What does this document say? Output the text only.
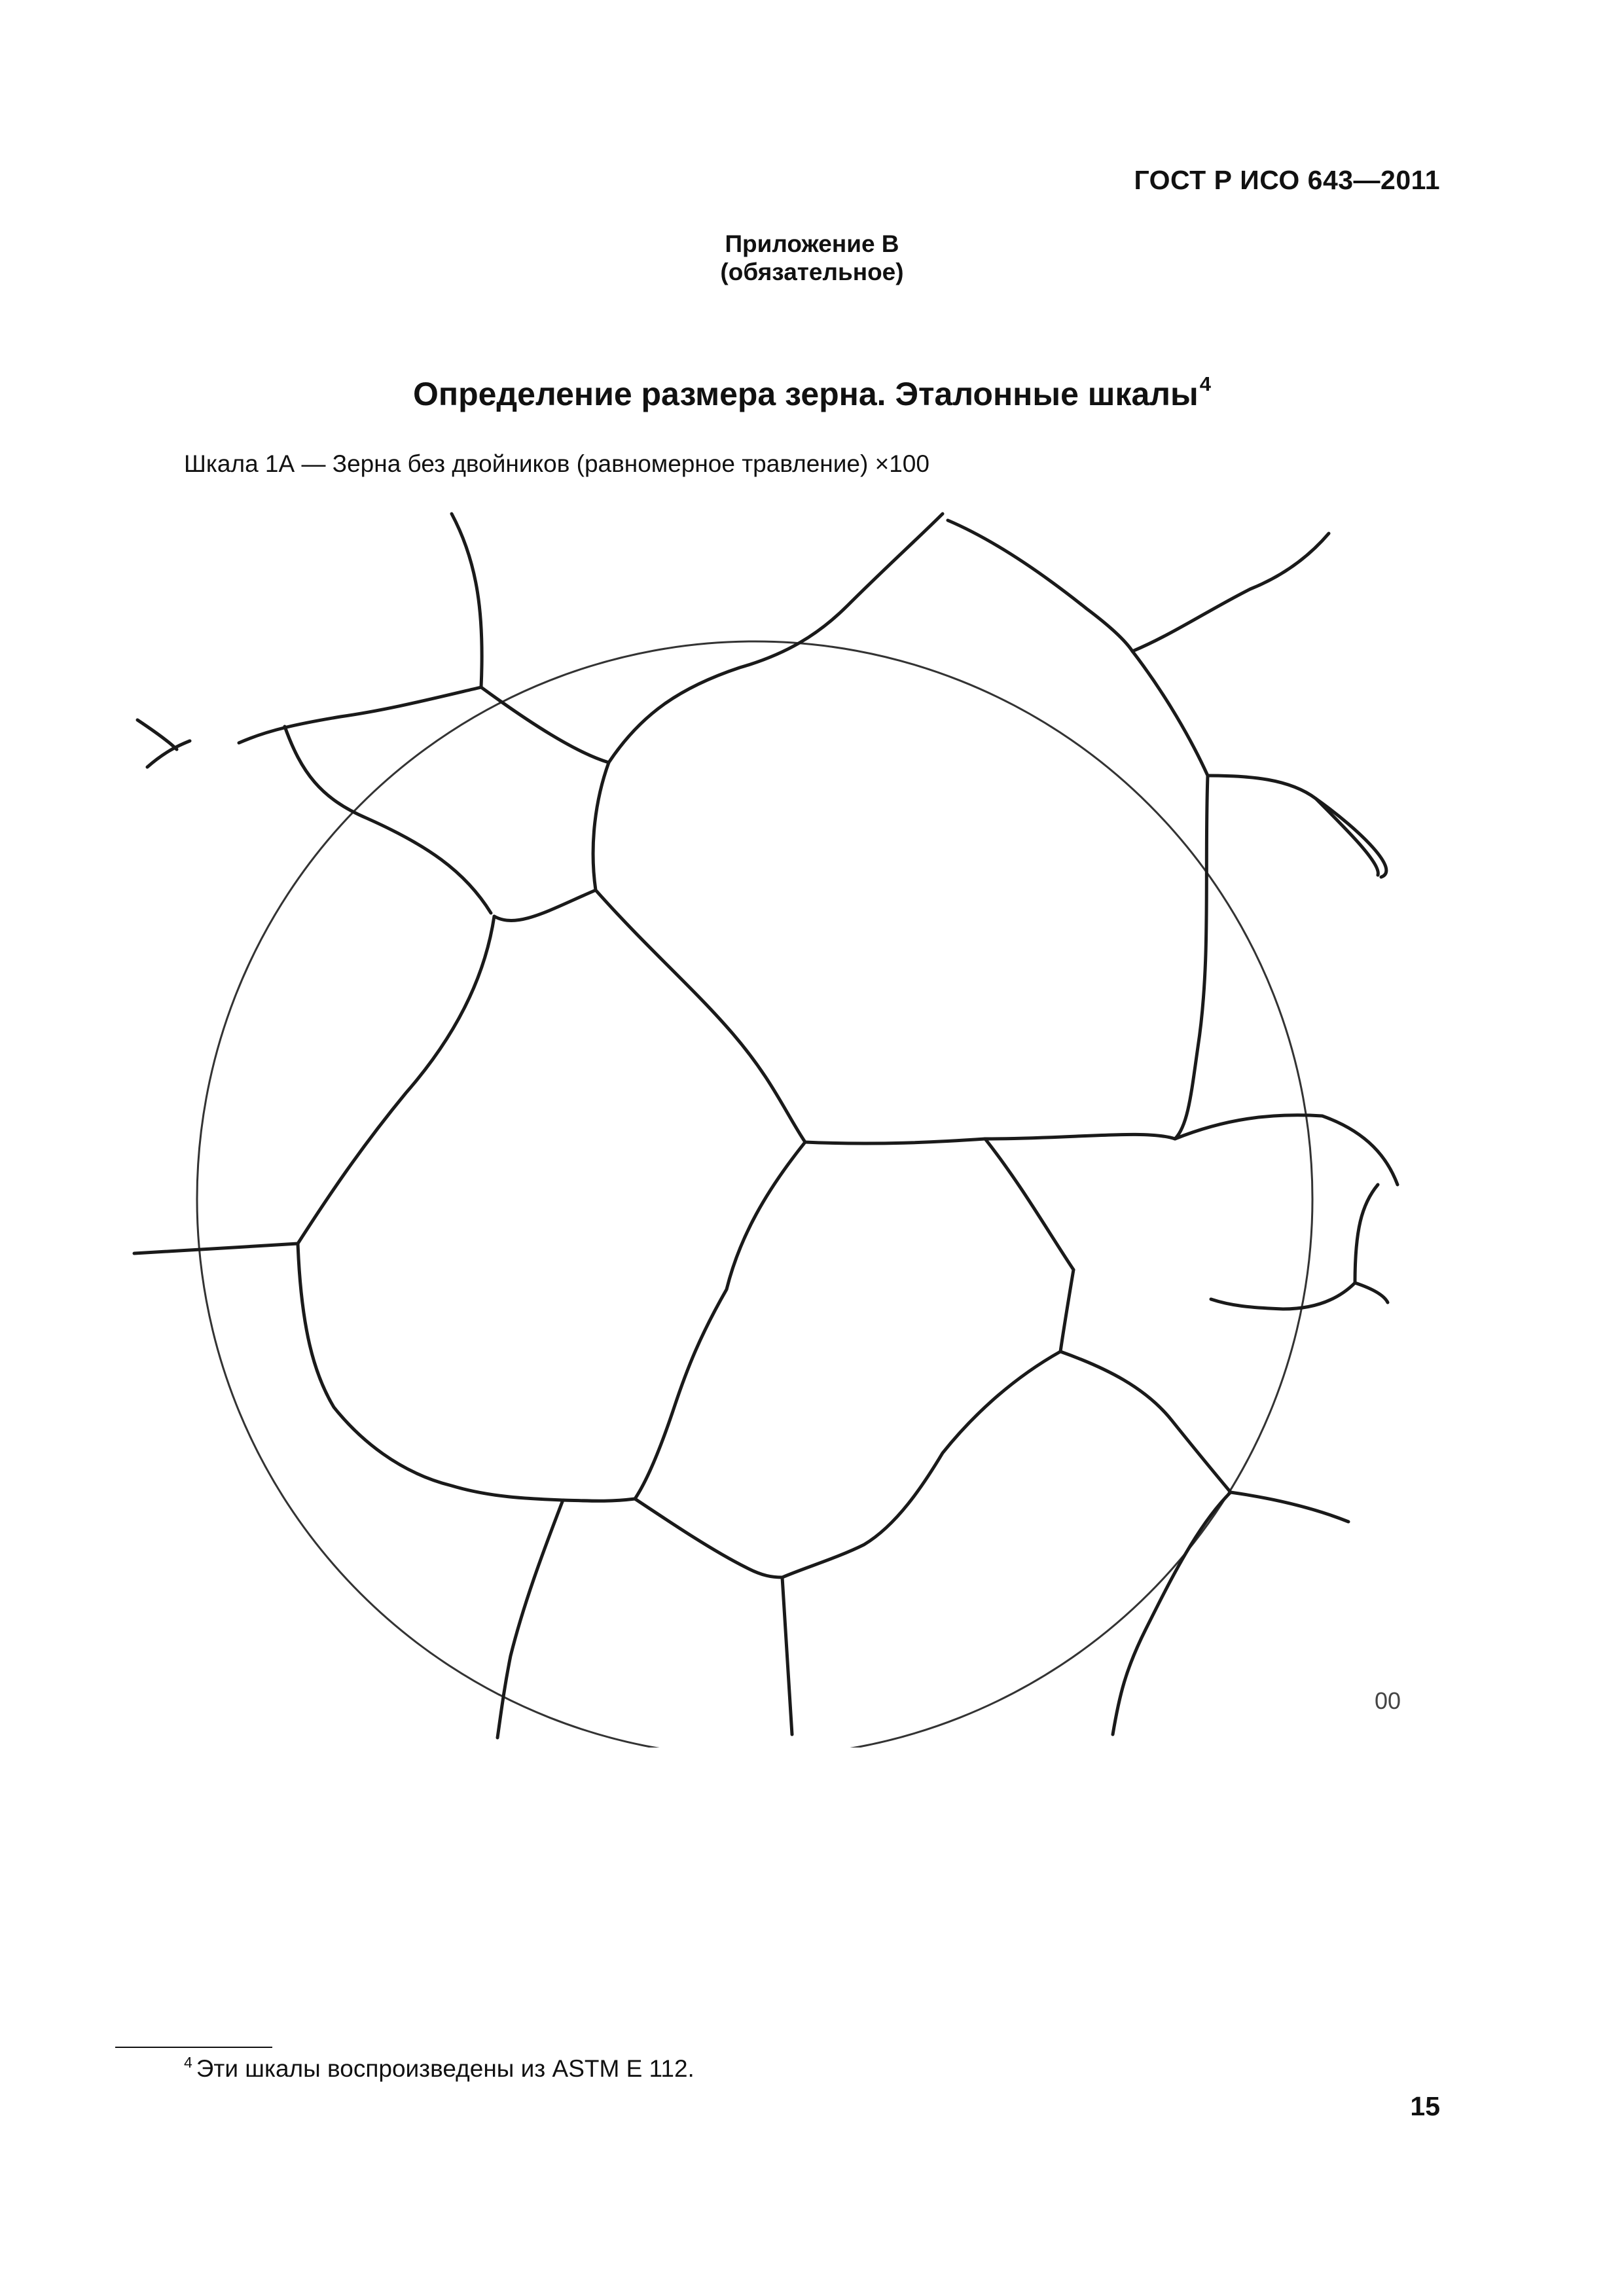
ГОСТ Р ИСО 643—2011
Приложение В
(обязательное)
Определение размера зерна. Эталонные шкалы$^4$
Шкала 1А — Зерна без двойников (равномерное травление) ×100
00
$^4$ Эти шкалы воспроизведены из ASTM E 112.
15
